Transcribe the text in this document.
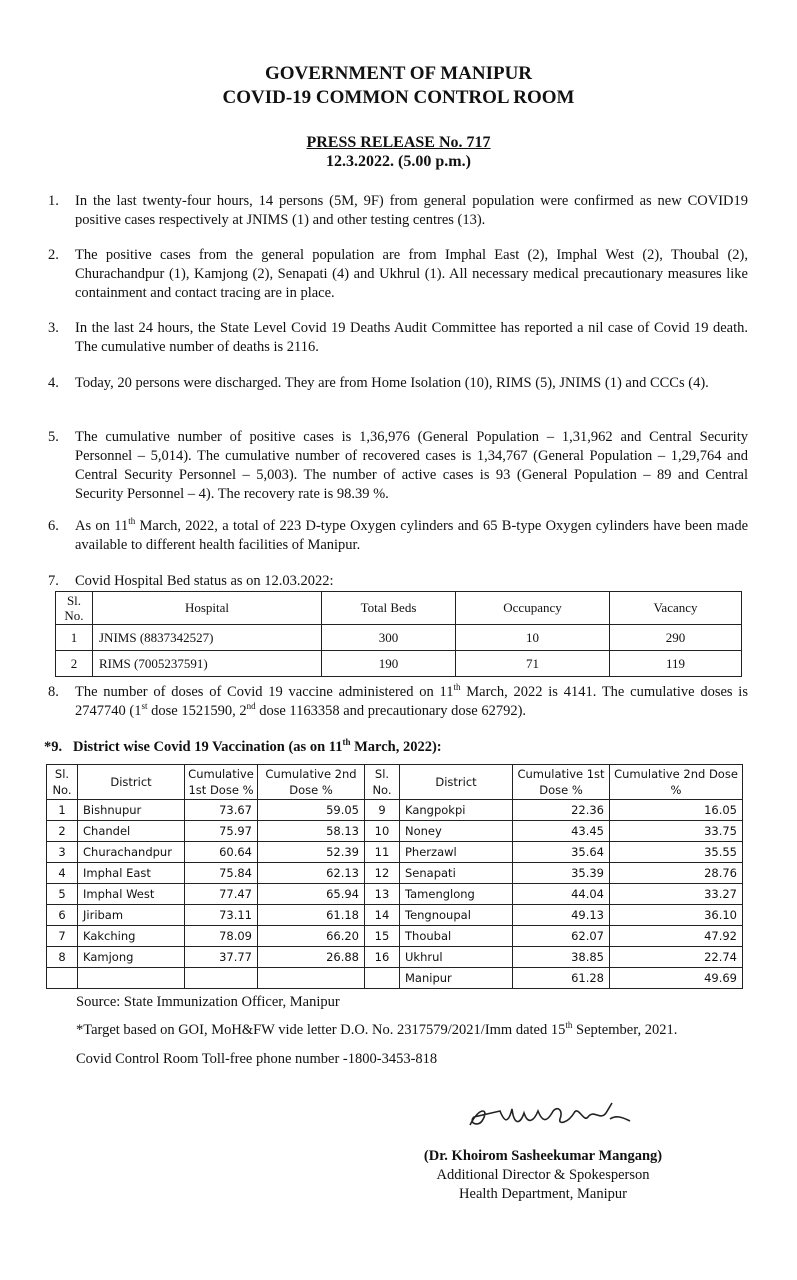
GOVERNMENT OF MANIPUR
COVID-19 COMMON CONTROL ROOM
PRESS RELEASE No. 717
12.3.2022. (5.00 p.m.)
1.	In the last twenty-four hours, 14 persons (5M, 9F) from general population were confirmed as new COVID19 positive cases respectively at JNIMS (1) and other testing centres (13).
2.	The positive cases from the general population are from Imphal East (2), Imphal West (2), Thoubal (2), Churachandpur (1), Kamjong (2), Senapati (4) and Ukhrul (1). All necessary medical precautionary measures like containment and contact tracing are in place.
3.	In the last 24 hours, the State Level Covid 19 Deaths Audit Committee has reported a nil case of Covid 19 death. The cumulative number of deaths is 2116.
4.	Today, 20 persons were discharged. They are from Home Isolation (10), RIMS (5), JNIMS (1) and CCCs (4).
5.	The cumulative number of positive cases is 1,36,976 (General Population – 1,31,962 and Central Security Personnel – 5,014). The cumulative number of recovered cases is 1,34,767 (General Population – 1,29,764 and Central Security Personnel – 5,003). The number of active cases is 93 (General Population – 89 and Central Security Personnel – 4). The recovery rate is 98.39 %.
6.	As on 11th March, 2022, a total of 223 D-type Oxygen cylinders and 65 B-type Oxygen cylinders have been made available to different health facilities of Manipur.
7.	Covid Hospital Bed status as on 12.03.2022:
Sl. No.	Hospital	Total Beds	Occupancy	Vacancy
1	JNIMS (8837342527)	300	10	290
2	RIMS (7005237591)	190	71	119
8.	The number of doses of Covid 19 vaccine administered on 11th March, 2022 is 4141. The cumulative doses is 2747740 (1st dose 1521590, 2nd dose 1163358 and precautionary dose 62792).
*9.   District wise Covid 19 Vaccination (as on 11th March, 2022):
Sl. No.	District	Cumulative 1st Dose %	Cumulative 2nd Dose %	Sl. No.	District	Cumulative 1st Dose %	Cumulative 2nd Dose %
1	Bishnupur	73.67	59.05	9	Kangpokpi	22.36	16.05
2	Chandel	75.97	58.13	10	Noney	43.45	33.75
3	Churachandpur	60.64	52.39	11	Pherzawl	35.64	35.55
4	Imphal East	75.84	62.13	12	Senapati	35.39	28.76
5	Imphal West	77.47	65.94	13	Tamenglong	44.04	33.27
6	Jiribam	73.11	61.18	14	Tengnoupal	49.13	36.10
7	Kakching	78.09	66.20	15	Thoubal	62.07	47.92
8	Kamjong	37.77	26.88	16	Ukhrul	38.85	22.74
					Manipur	61.28	49.69
Source: State Immunization Officer, Manipur
*Target based on GOI, MoH&FW vide letter D.O. No. 2317579/2021/Imm dated 15th September, 2021.
Covid Control Room Toll-free phone number -1800-3453-818
(Dr. Khoirom Sasheekumar Mangang)
Additional Director & Spokesperson
Health Department, Manipur
